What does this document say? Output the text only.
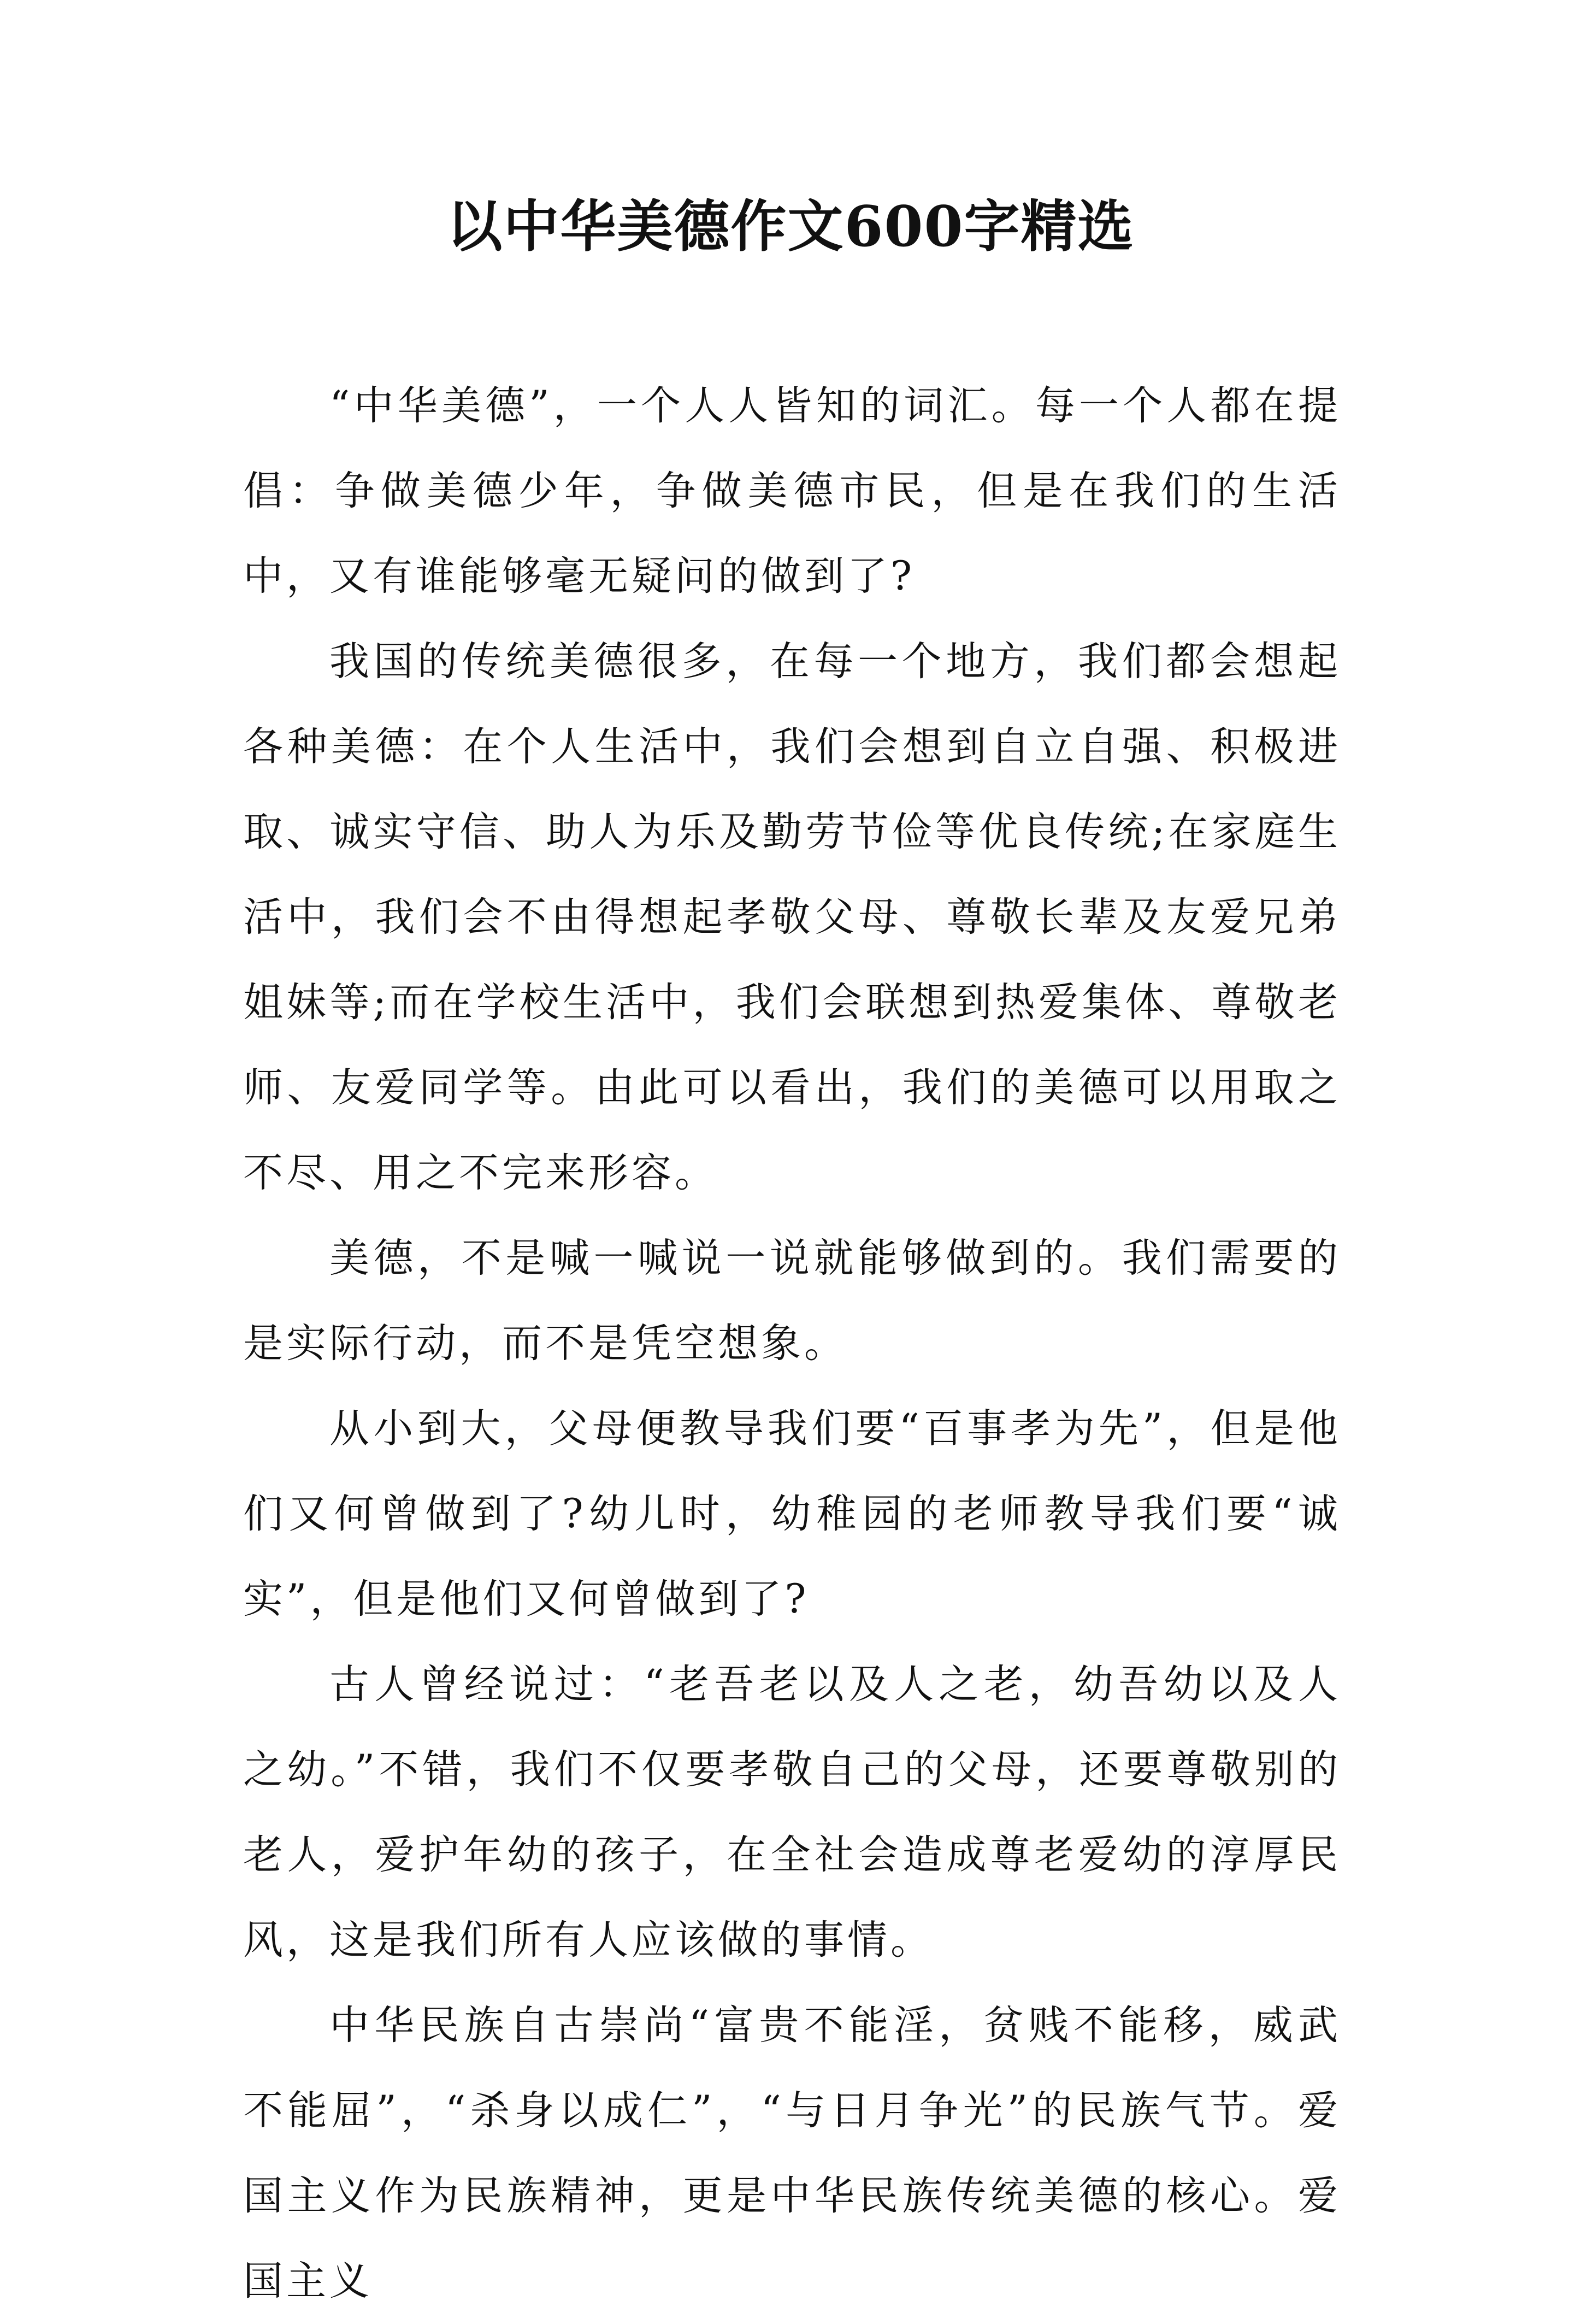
以中华美德作文600字精选

“中华美德”，一个人人皆知的词汇。每一个人都在提倡：争做美德少年，争做美德市民，但是在我们的生活中，又有谁能够毫无疑问的做到了?

我国的传统美德很多，在每一个地方，我们都会想起各种美德：在个人生活中，我们会想到自立自强、积极进取、诚实守信、助人为乐及勤劳节俭等优良传统;在家庭生活中，我们会不由得想起孝敬父母、尊敬长辈及友爱兄弟姐妹等;而在学校生活中，我们会联想到热爱集体、尊敬老师、友爱同学等。由此可以看出，我们的美德可以用取之不尽、用之不完来形容。

美德，不是喊一喊说一说就能够做到的。我们需要的是实际行动，而不是凭空想象。

从小到大，父母便教导我们要“百事孝为先”，但是他们又何曾做到了?幼儿时，幼稚园的老师教导我们要“诚实”，但是他们又何曾做到了?

古人曾经说过：“老吾老以及人之老，幼吾幼以及人之幼。”不错，我们不仅要孝敬自己的父母，还要尊敬别的老人，爱护年幼的孩子，在全社会造成尊老爱幼的淳厚民风，这是我们所有人应该做的事情。

中华民族自古崇尚“富贵不能淫，贫贱不能移，威武不能屈”，“杀身以成仁”，“与日月争光”的民族气节。爱国主义作为民族精神，更是中华民族传统美德的核心。爱国主义
